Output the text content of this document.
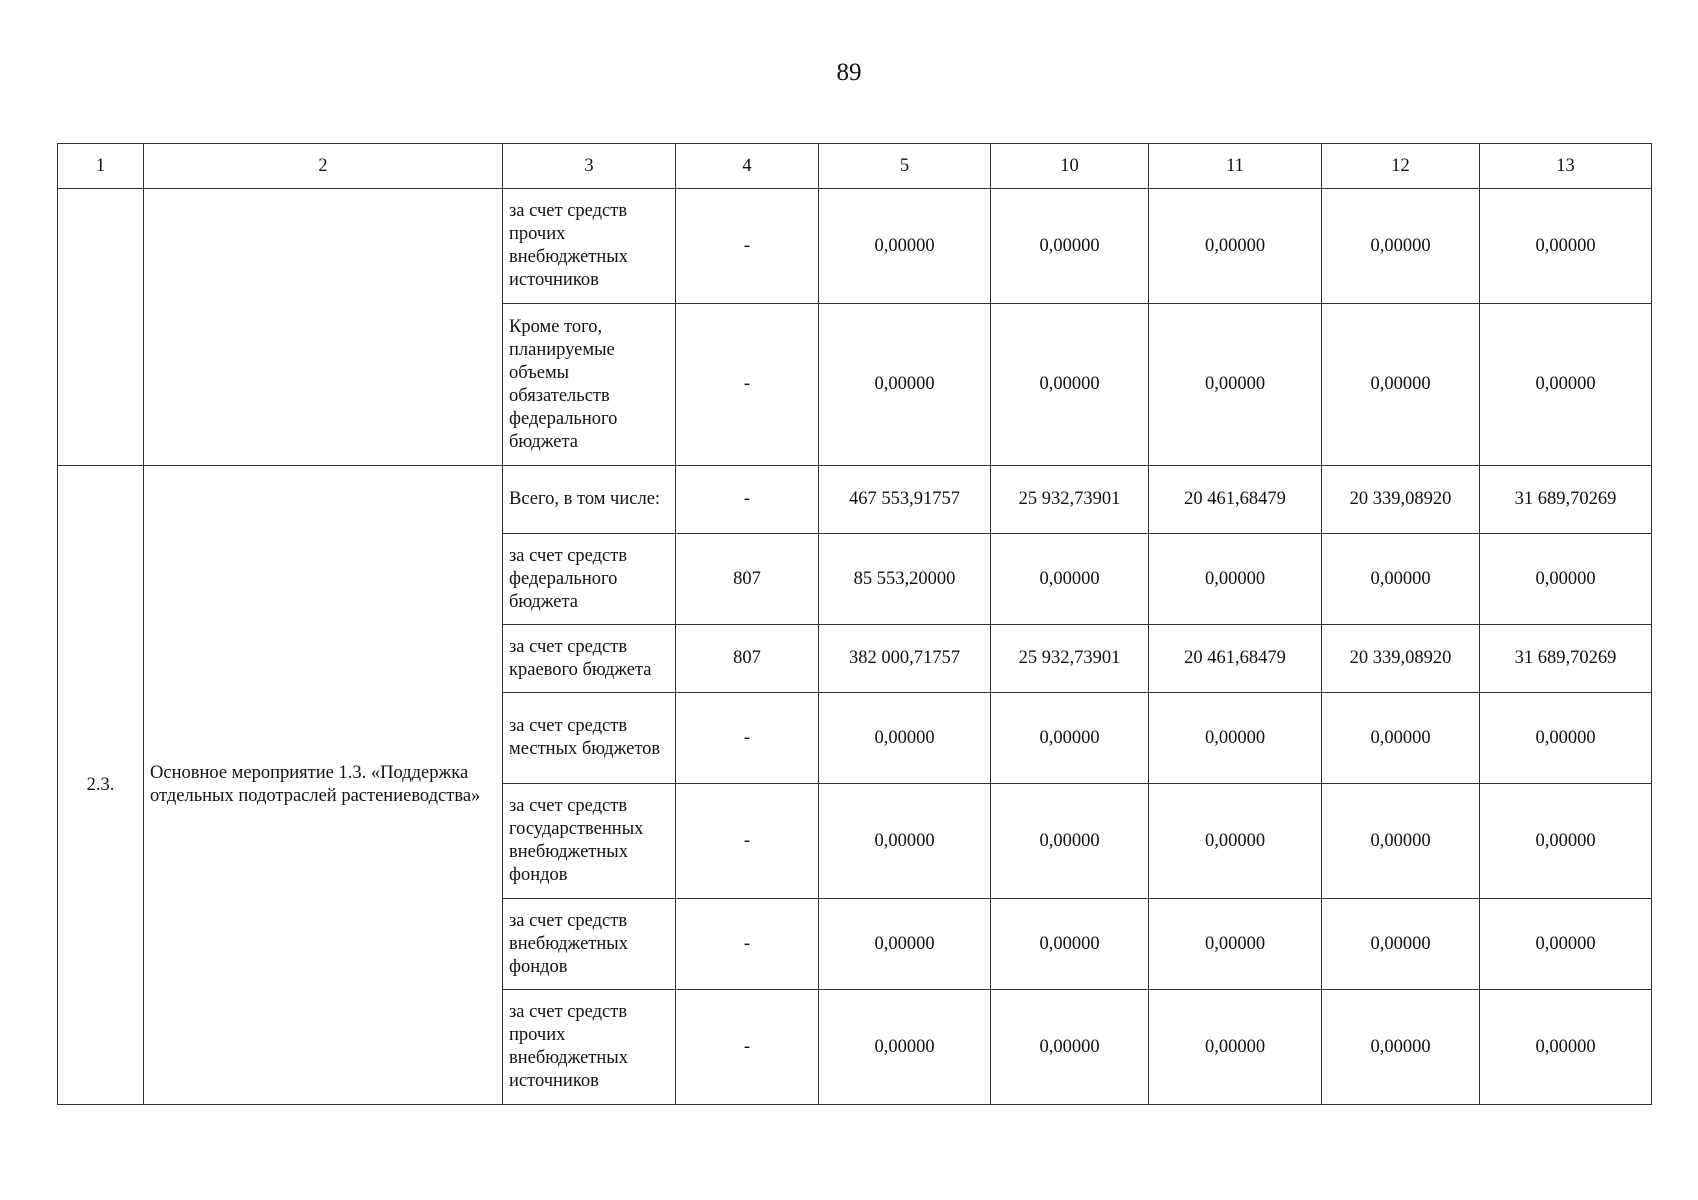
89
1	2	3	4	5	10	11	12	13
		за счет средств прочих внебюджетных источников	-	0,00000	0,00000	0,00000	0,00000	0,00000
		Кроме того, планируемые объемы обязательств федерального бюджета	-	0,00000	0,00000	0,00000	0,00000	0,00000
2.3.	Основное мероприятие 1.3. «Поддержка отдельных подотраслей растениеводства»	Всего, в том числе:	-	467 553,91757	25 932,73901	20 461,68479	20 339,08920	31 689,70269
		за счет средств федерального бюджета	807	85 553,20000	0,00000	0,00000	0,00000	0,00000
		за счет средств краевого бюджета	807	382 000,71757	25 932,73901	20 461,68479	20 339,08920	31 689,70269
		за счет средств местных бюджетов	-	0,00000	0,00000	0,00000	0,00000	0,00000
		за счет средств государственных внебюджетных фондов	-	0,00000	0,00000	0,00000	0,00000	0,00000
		за счет средств внебюджетных фондов	-	0,00000	0,00000	0,00000	0,00000	0,00000
		за счет средств прочих внебюджетных источников	-	0,00000	0,00000	0,00000	0,00000	0,00000
